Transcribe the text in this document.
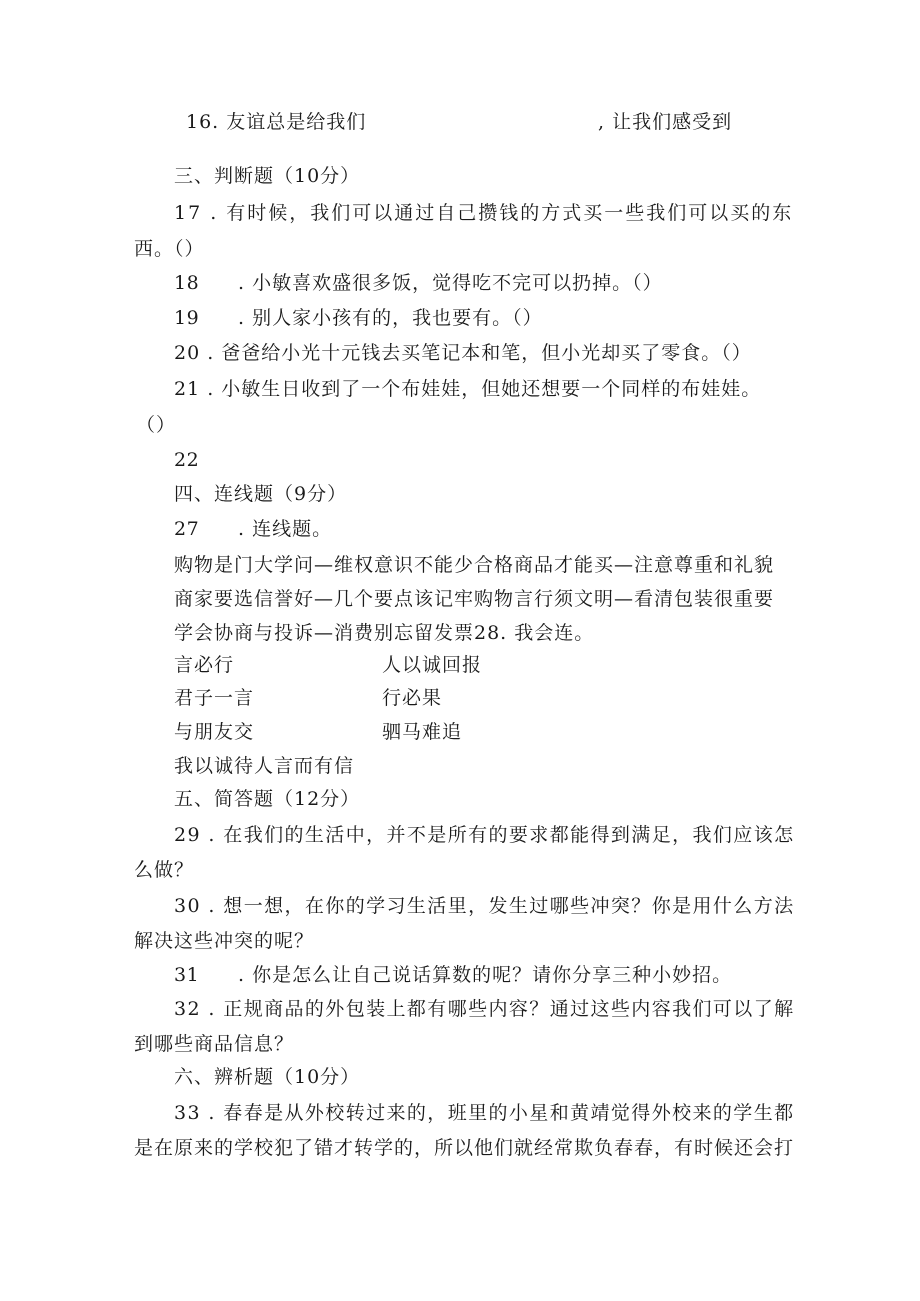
16. 友谊总是给我们	, 让我们感受到
三、判断题（10分）
17 . 有时候，我们可以通过自己攒钱的方式买一些我们可以买的东
西。（）
18 . 小敏喜欢盛很多饭，觉得吃不完可以扔掉。（）
19 . 别人家小孩有的，我也要有。（）
20 . 爸爸给小光十元钱去买笔记本和笔，但小光却买了零食。（）
21 . 小敏生日收到了一个布娃娃，但她还想要一个同样的布娃娃。
（）
22
四、连线题（9分）
27 . 连线题。
购物是门大学问—维权意识不能少合格商品才能买—注意尊重和礼貌
商家要选信誉好—几个要点该记牢购物言行须文明—看清包装很重要
学会协商与投诉—消费别忘留发票28. 我会连。
言必行	人以诚回报
君子一言	行必果
与朋友交	驷马难追
我以诚待人言而有信
五、简答题（12分）
29 . 在我们的生活中，并不是所有的要求都能得到满足，我们应该怎
么做？
30 . 想一想，在你的学习生活里，发生过哪些冲突？你是用什么方法
解决这些冲突的呢？
31 . 你是怎么让自己说话算数的呢？请你分享三种小妙招。
32 . 正规商品的外包装上都有哪些内容？通过这些内容我们可以了解
到哪些商品信息？
六、辨析题（10分）
33 . 春春是从外校转过来的，班里的小星和黄靖觉得外校来的学生都
是在原来的学校犯了错才转学的，所以他们就经常欺负春春，有时候还会打
